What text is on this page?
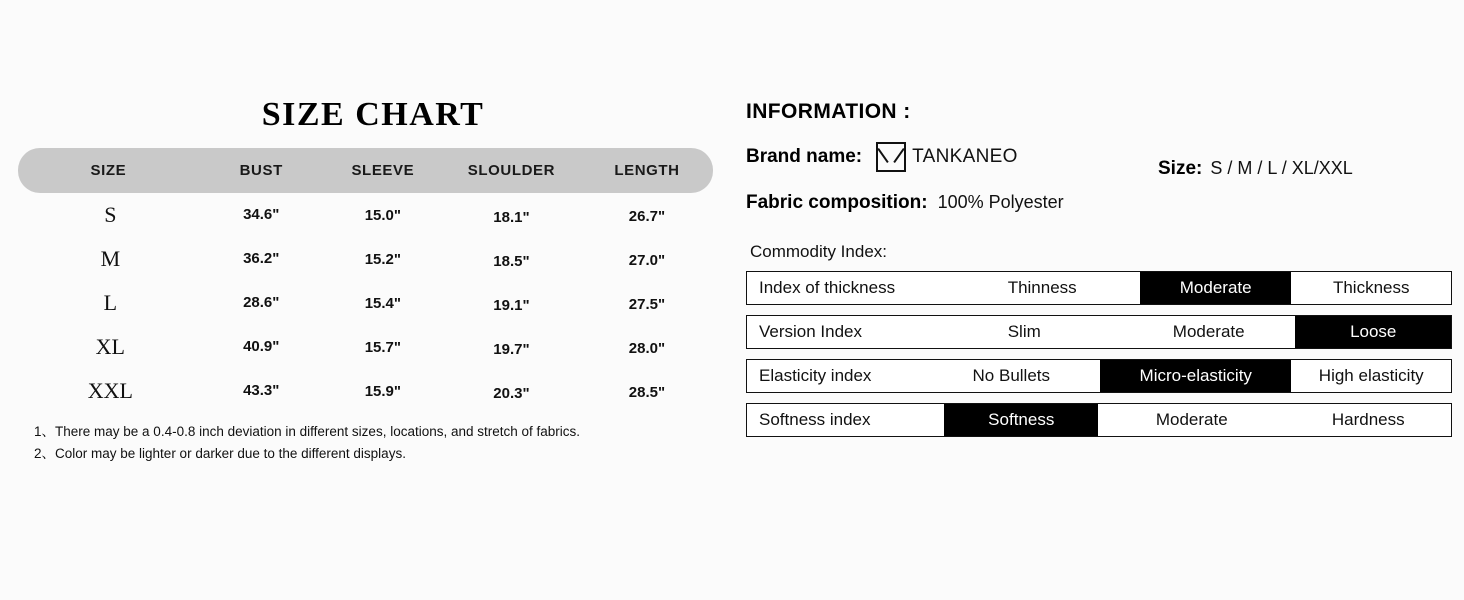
SIZE CHART
SIZE	BUST	SLEEVE	SLOULDER	LENGTH
S	34.6"	15.0"	18.1"	26.7"
M	36.2"	15.2"	18.5"	27.0"
L	28.6"	15.4"	19.1"	27.5"
XL	40.9"	15.7"	19.7"	28.0"
XXL	43.3"	15.9"	20.3"	28.5"
1、There may be a 0.4-0.8 inch deviation in different sizes, locations, and stretch of fabrics.
2、Color may be lighter or darker due to the different displays.
INFORMATION :
Brand name:	TANKANEO
Size: S / M / L / XL/XXL
Fabric composition: 100% Polyester
Commodity Index:
Index of thickness	Thinness	Moderate	Thickness
Version Index	Slim	Moderate	Loose
Elasticity index	No Bullets	Micro-elasticity	High elasticity
Softness index	Softness	Moderate	Hardness
